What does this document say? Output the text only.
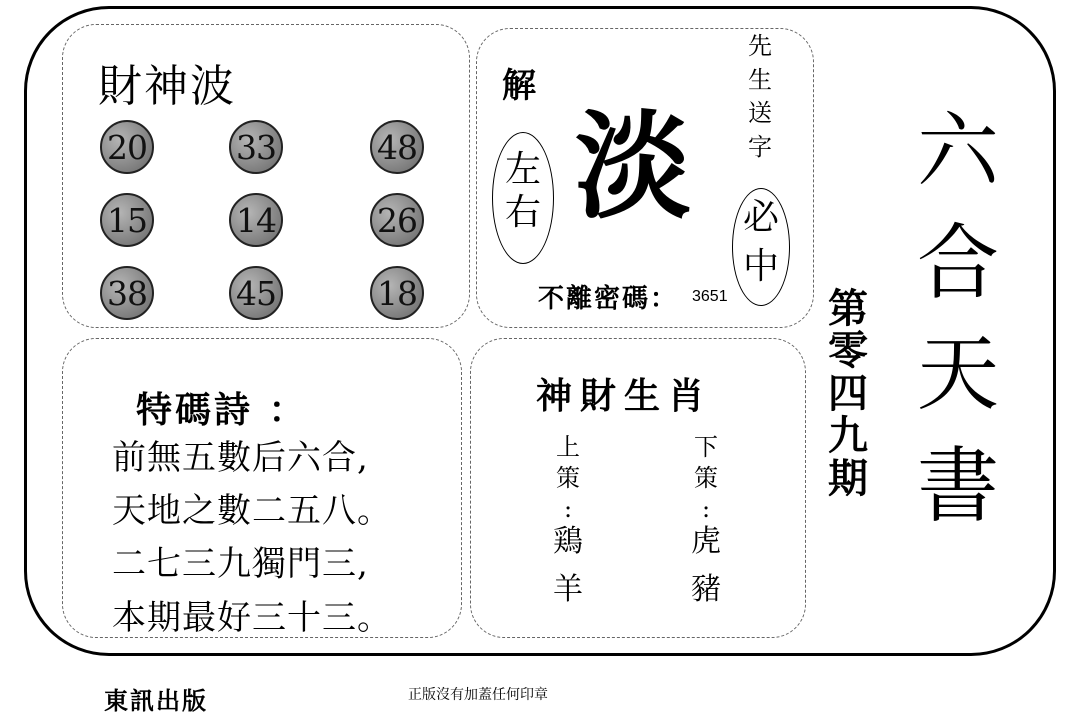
財神波
20	33	48
15	14	26
38	45	18
解
左
右 淡
先
生
送
字
必
中
不離密碼： 3651
六
合
天
書
第
零
四
九
期
特碼詩 ：
前無五數后六合,
天地之數二五八。
二七三九獨門三,
本期最好三十三。
神財生肖
上
策
:
鶏
羊
下
策
:
虎
豬
東訊出版	正版沒有加蓋任何印章
